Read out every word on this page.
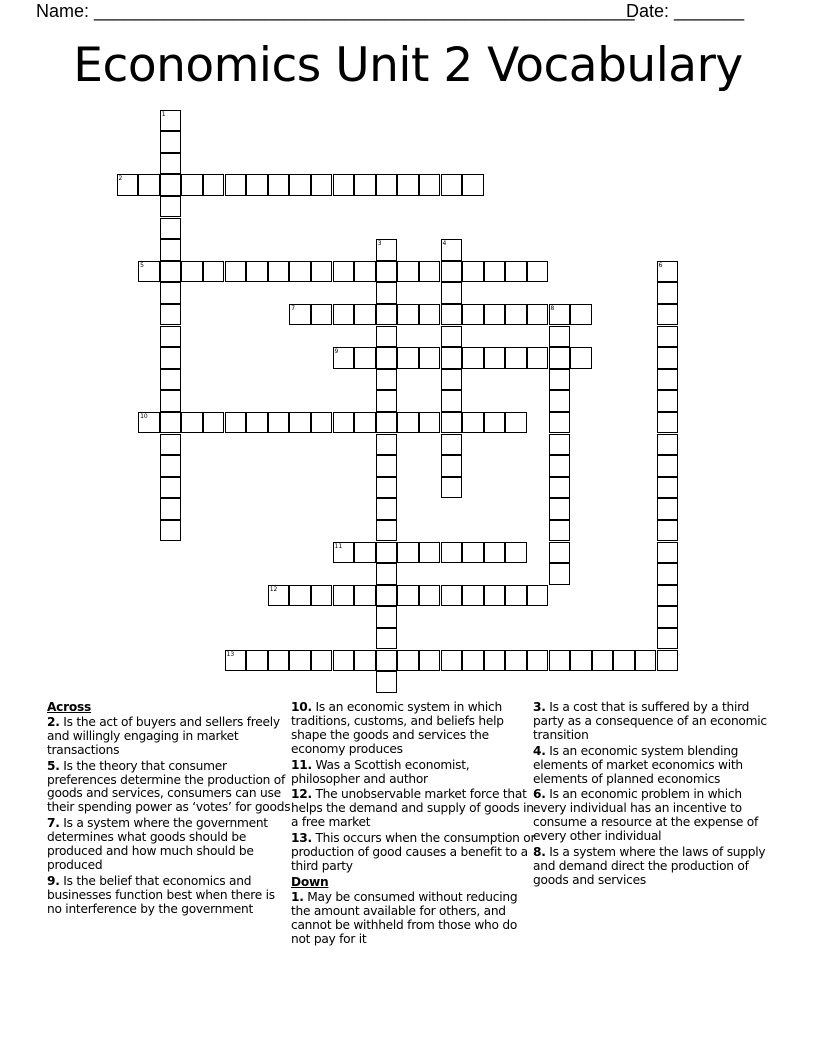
Name: ______________________________________________________
Date: _______
Economics Unit 2 Vocabulary
1
2
3	4
5	6
7	8
9
10
11
12
13
Across
2. Is the act of buyers and sellers freely and willingly engaging in market transactions
5. Is the theory that consumer preferences determine the production of goods and services, consumers can use their spending power as ‘votes’ for goods
7. Is a system where the government determines what goods should be produced and how much should be produced
9. Is the belief that economics and businesses function best when there is no interference by the government
10. Is an economic system in which traditions, customs, and beliefs help shape the goods and services the economy produces
11. Was a Scottish economist, philosopher and author
12. The unobservable market force that helps the demand and supply of goods in a free market
13. This occurs when the consumption or production of good causes a benefit to a third party
Down
1. May be consumed without reducing the amount available for others, and cannot be withheld from those who do not pay for it
3. Is a cost that is suffered by a third party as a consequence of an economic transition
4. Is an economic system blending elements of market economics with elements of planned economics
6. Is an economic problem in which every individual has an incentive to consume a resource at the expense of every other individual
8. Is a system where the laws of supply and demand direct the production of goods and services
